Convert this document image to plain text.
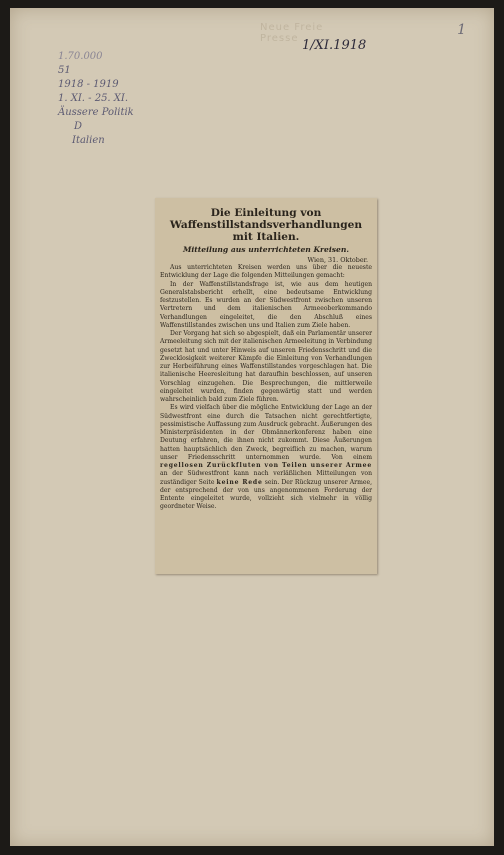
Neue Freie Presse 1/XI.1918
1
1.70.000
51
1918 - 1919
1. XI. - 25. XI.
Äussere Politik
D
Italien
Die Einleitung von Waffenstillstandsverhandlungen mit Italien.
Mitteilung aus unterrichteten Kreisen.
Wien, 31. Oktober.

Aus unterrichteten Kreisen werden uns über die neueste Entwicklung der Lage die folgenden Mitteilungen gemacht:

In der Waffenstillstandsfrage ist, wie aus dem heutigen Generalstabsbericht erhellt, eine bedeutsame Entwicklung festzustellen. Es wurden an der Südwestfront zwischen unseren Vertretern und dem italienischen Armeeoberkommando Verhandlungen eingeleitet, die den Abschluß eines Waffenstillstandes zwischen uns und Italien zum Ziele haben.

Der Vorgang hat sich so abgespielt, daß ein Parlamentär unserer Armeeleitung sich mit der italienischen Armeeleitung in Verbindung gesetzt hat und unter Hinweis auf unseren Friedensschritt und die Zwecklosigkeit weiterer Kämpfe die Einleitung von Verhandlungen zur Herbeiführung eines Waffenstillstandes vorgeschlagen hat. Die italienische Heeresleitung hat daraufhin beschlossen, auf unseren Vorschlag einzugehen. Die Besprechungen, die mittlerweile eingeleitet wurden, finden gegenwärtig statt und werden wahrscheinlich bald zum Ziele führen.

Es wird vielfach über die mögliche Entwicklung der Lage an der Südwestfront eine durch die Tatsachen nicht gerechtfertigte, pessimistische Auffassung zum Ausdruck gebracht. Äußerungen des Ministerpräsidenten in der Obmännerkonferenz haben eine Deutung erfahren, die ihnen nicht zukommt. Diese Äußerungen hatten hauptsächlich den Zweck, begreiflich zu machen, warum unser Friedensschritt unternommen wurde. Von einem regellosen Zurückfluten von Teilen unserer Armee an der Südwestfront kann nach verläßlichen Mitteilungen von zuständiger Seite keine Rede sein. Der Rückzug unserer Armee, der entsprechend der von uns angenommenen Forderung der Entente eingeleitet wurde, vollzieht sich vielmehr in völlig geordneter Weise.
